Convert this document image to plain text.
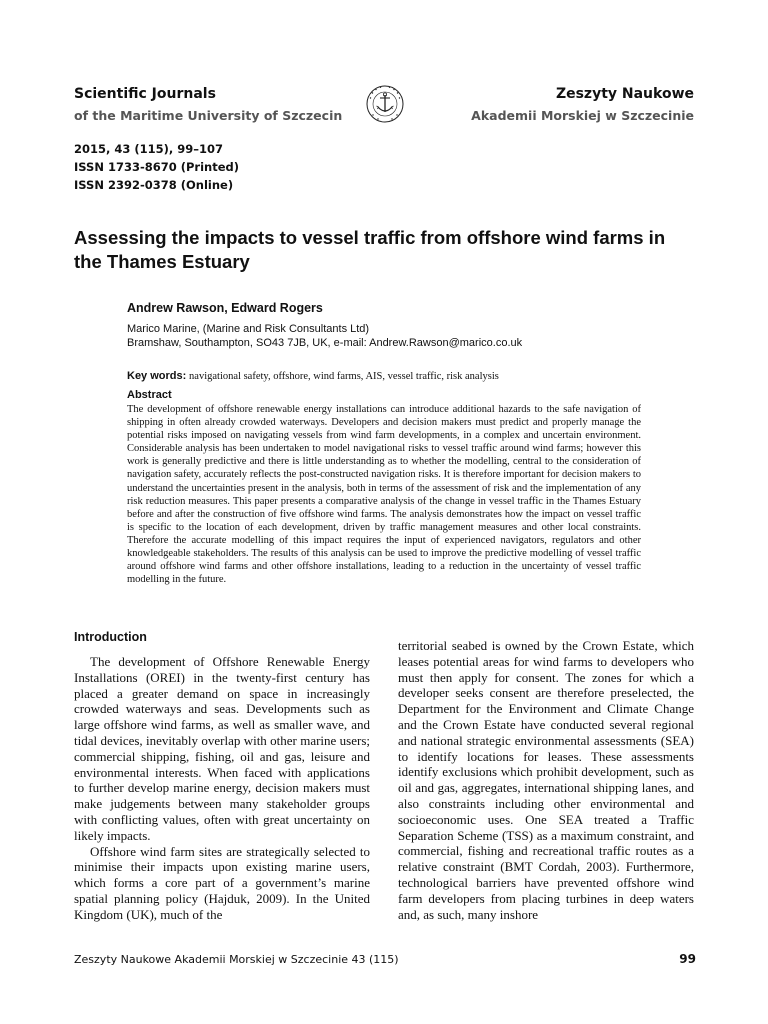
Scientific Journals
of the Maritime University of Szczecin
Zeszyty Naukowe
Akademii Morskiej w Szczecinie
2015, 43 (115), 99–107
ISSN 1733-8670 (Printed)
ISSN 2392-0378 (Online)
Assessing the impacts to vessel traffic from offshore wind farms in the Thames Estuary
Andrew Rawson, Edward Rogers
Marico Marine, (Marine and Risk Consultants Ltd)
Bramshaw, Southampton, SO43 7JB, UK, e-mail: Andrew.Rawson@marico.co.uk
Key words: navigational safety, offshore, wind farms, AIS, vessel traffic, risk analysis
Abstract
The development of offshore renewable energy installations can introduce additional hazards to the safe navigation of shipping in often already crowded waterways. Developers and decision makers must predict and properly manage the potential risks imposed on navigating vessels from wind farm developments, in a complex and uncertain environment. Considerable analysis has been undertaken to model navigational risks to vessel traffic around wind farms; however this work is generally predictive and there is little understanding as to whether the modelling, central to the consideration of navigation safety, accurately reflects the post-constructed navigation risks. It is therefore important for decision makers to understand the uncertainties present in the analysis, both in terms of the assessment of risk and the implementation of any risk reduction measures. This paper presents a comparative analysis of the change in vessel traffic in the Thames Estuary before and after the construction of five offshore wind farms. The analysis demonstrates how the impact on vessel traffic is specific to the location of each development, driven by traffic management measures and other local constraints. Therefore the accurate modelling of this impact requires the input of experienced navigators, regulators and other knowledgeable stakeholders. The results of this analysis can be used to improve the predictive modelling of vessel traffic around offshore wind farms and other offshore installations, leading to a reduction in the uncertainty of vessel traffic modelling in the future.
Introduction

The development of Offshore Renewable Energy Installations (OREI) in the twenty-first century has placed a greater demand on space in increasingly crowded waterways and seas. Developments such as large offshore wind farms, as well as smaller wave, and tidal devices, inevitably overlap with other marine users; commercial shipping, fishing, oil and gas, leisure and environmental interests. When faced with applications to further develop marine energy, decision makers must make judgements between many stakeholder groups with conflicting values, often with great uncertainty on likely impacts.

Offshore wind farm sites are strategically selected to minimise their impacts upon existing marine users, which forms a core part of a government’s marine spatial planning policy (Hajduk, 2009). In the United Kingdom (UK), much of the

territorial seabed is owned by the Crown Estate, which leases potential areas for wind farms to developers who must then apply for consent. The zones for which a developer seeks consent are therefore preselected, the Department for the Environment and Climate Change and the Crown Estate have conducted several regional and national strategic environmental assessments (SEA) to identify locations for leases. These assessments identify exclusions which prohibit development, such as oil and gas, aggregates, international shipping lanes, and also constraints including other environmental and socioeconomic uses. One SEA treated a Traffic Separation Scheme (TSS) as a maximum constraint, and commercial, fishing and recreational traffic routes as a relative constraint (BMT Cordah, 2003). Furthermore, technological barriers have prevented offshore wind farm developers from placing turbines in deep waters and, as such, many inshore

Zeszyty Naukowe Akademii Morskiej w Szczecinie 43 (115)	99
